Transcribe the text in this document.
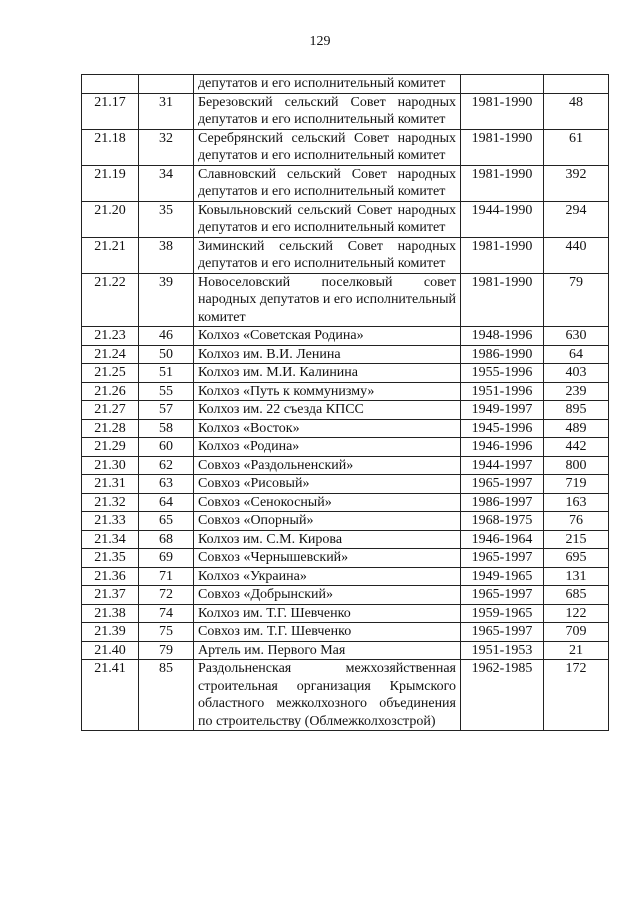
129
		депутатов и его исполнительный комитет		
21.17	31	Березовский сельский Совет народных депутатов и его исполнительный комитет	1981-1990	48
21.18	32	Серебрянский сельский Совет народных депутатов и его исполнительный комитет	1981-1990	61
21.19	34	Славновский сельский Совет народных депутатов и его исполнительный комитет	1981-1990	392
21.20	35	Ковыльновский сельский Совет народных депутатов и его исполнительный комитет	1944-1990	294
21.21	38	Зиминский сельский Совет народных депутатов и его исполнительный комитет	1981-1990	440
21.22	39	Новоселовский поселковый совет народных депутатов и его исполнительный комитет	1981-1990	79
21.23	46	Колхоз «Советская Родина»	1948-1996	630
21.24	50	Колхоз им. В.И. Ленина	1986-1990	64
21.25	51	Колхоз им. М.И. Калинина	1955-1996	403
21.26	55	Колхоз «Путь к коммунизму»	1951-1996	239
21.27	57	Колхоз им. 22 съезда КПСС	1949-1997	895
21.28	58	Колхоз «Восток»	1945-1996	489
21.29	60	Колхоз «Родина»	1946-1996	442
21.30	62	Совхоз «Раздольненский»	1944-1997	800
21.31	63	Совхоз «Рисовый»	1965-1997	719
21.32	64	Совхоз «Сенокосный»	1986-1997	163
21.33	65	Совхоз «Опорный»	1968-1975	76
21.34	68	Колхоз им. С.М. Кирова	1946-1964	215
21.35	69	Совхоз «Чернышевский»	1965-1997	695
21.36	71	Колхоз «Украина»	1949-1965	131
21.37	72	Совхоз «Добрынский»	1965-1997	685
21.38	74	Колхоз им. Т.Г. Шевченко	1959-1965	122
21.39	75	Совхоз им. Т.Г. Шевченко	1965-1997	709
21.40	79	Артель им. Первого Мая	1951-1953	21
21.41	85	Раздольненская межхозяйственная строительная организация Крымского областного межколхозного объединения по строительству (Облмежколхозстрой)	1962-1985	172
